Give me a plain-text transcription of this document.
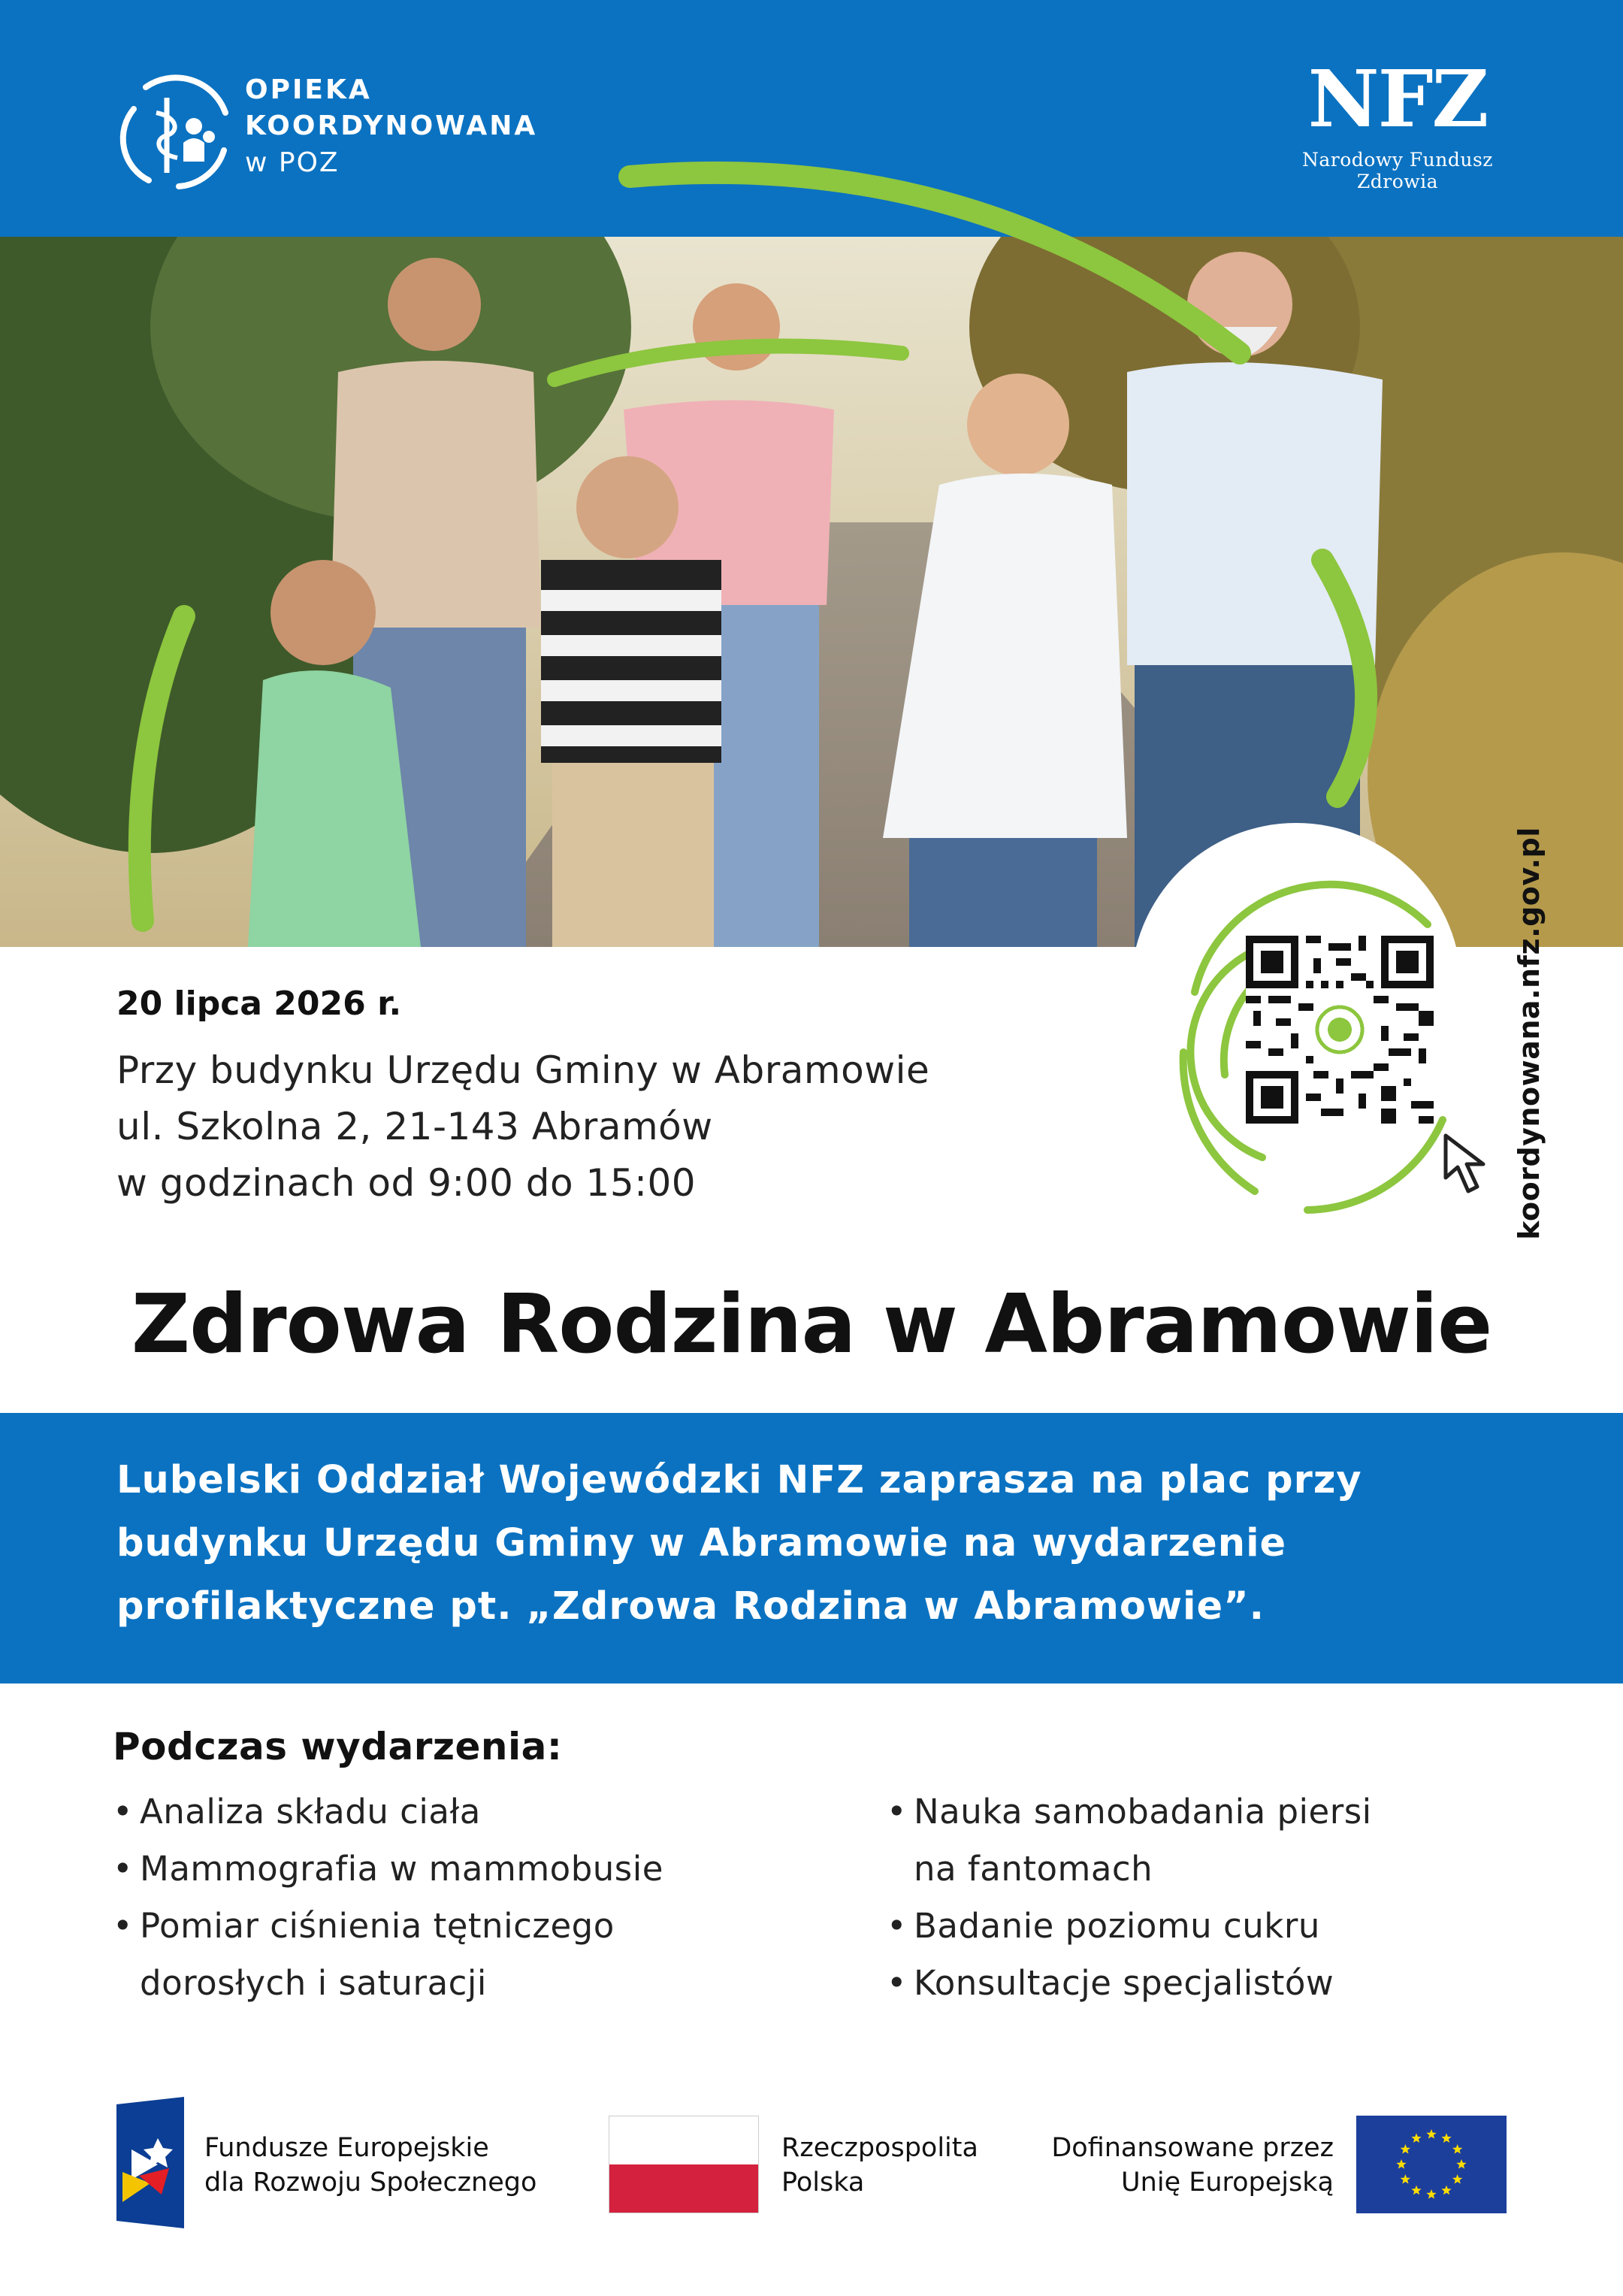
OPIEKA
KOORDYNOWANA
w POZ
NFZ
Narodowy Fundusz Zdrowia
koordynowana.nfz.gov.pl
20 lipca 2026 r.
Przy budynku Urzędu Gminy w Abramowie
ul. Szkolna 2, 21-143 Abramów
w godzinach od 9:00 do 15:00
Zdrowa Rodzina w Abramowie
Lubelski Oddział Wojewódzki NFZ zaprasza na plac przy
budynku Urzędu Gminy w Abramowie na wydarzenie
profilaktyczne pt. „Zdrowa Rodzina w Abramowie”.
Podczas wydarzenia:
• Analiza składu ciała
• Mammografia w mammobusie
• Pomiar ciśnienia tętniczego
dorosłych i saturacji
• Nauka samobadania piersi
na fantomach
• Badanie poziomu cukru
• Konsultacje specjalistów
Fundusze Europejskie
dla Rozwoju Społecznego
Rzeczpospolita
Polska
Dofinansowane przez
Unię Europejską
